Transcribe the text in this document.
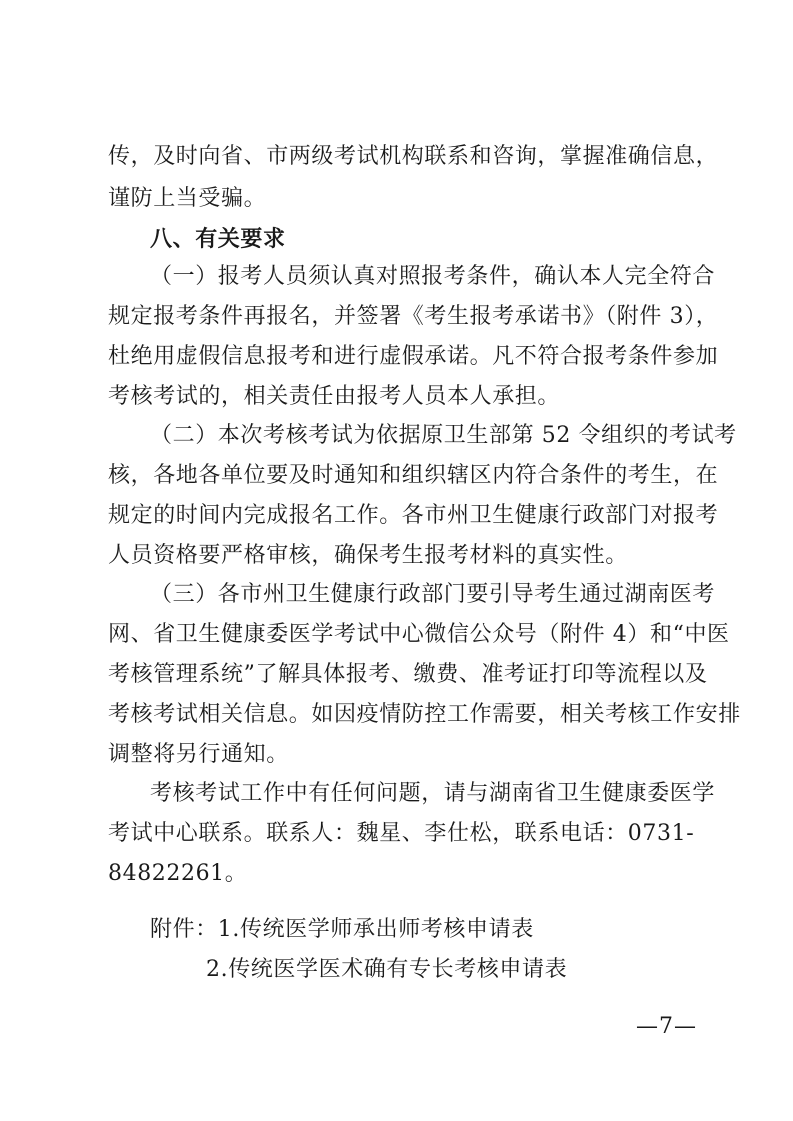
传，及时向省、市两级考试机构联系和咨询，掌握准确信息，
谨防上当受骗。
八、有关要求
（一）报考人员须认真对照报考条件，确认本人完全符合
规定报考条件再报名，并签署《考生报考承诺书》（附件 3），
杜绝用虚假信息报考和进行虚假承诺。凡不符合报考条件参加
考核考试的，相关责任由报考人员本人承担。
（二）本次考核考试为依据原卫生部第 52 令组织的考试考
核，各地各单位要及时通知和组织辖区内符合条件的考生，在
规定的时间内完成报名工作。各市州卫生健康行政部门对报考
人员资格要严格审核，确保考生报考材料的真实性。
（三）各市州卫生健康行政部门要引导考生通过湖南医考
网、省卫生健康委医学考试中心微信公众号（附件 4）和“中医
考核管理系统”了解具体报考、缴费、准考证打印等流程以及
考核考试相关信息。如因疫情防控工作需要，相关考核工作安排
调整将另行通知。
考核考试工作中有任何问题，请与湖南省卫生健康委医学
考试中心联系。联系人：魏星、李仕松，联系电话：0731-
84822261。
附件：1.传统医学师承出师考核申请表
2.传统医学医术确有专长考核申请表
—7—
